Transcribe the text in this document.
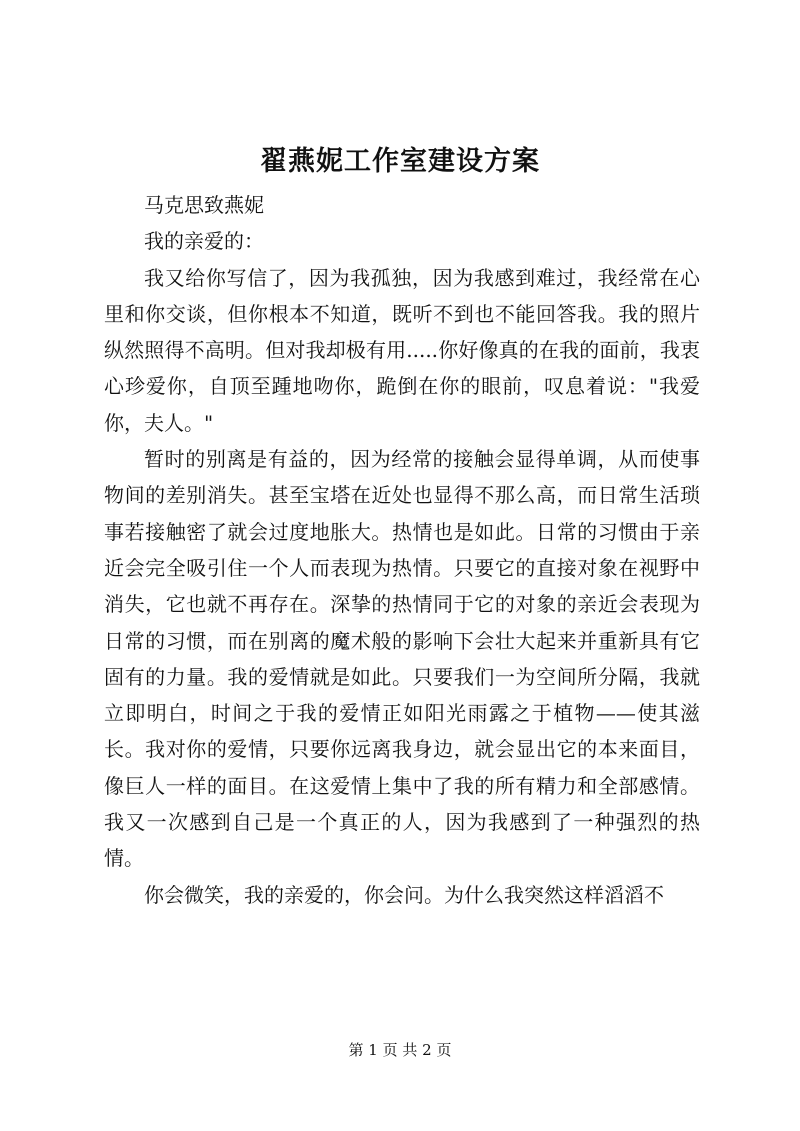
翟燕妮工作室建设方案

马克思致燕妮

我的亲爱的：

我又给你写信了，因为我孤独，因为我感到难过，我经常在心里和你交谈，但你根本不知道，既听不到也不能回答我。我的照片纵然照得不高明。但对我却极有用.....你好像真的在我的面前，我衷心珍爱你，自顶至踵地吻你，跪倒在你的眼前，叹息着说："我爱你，夫人。"

暂时的别离是有益的，因为经常的接触会显得单调，从而使事物间的差别消失。甚至宝塔在近处也显得不那么高，而日常生活琐事若接触密了就会过度地胀大。热情也是如此。日常的习惯由于亲近会完全吸引住一个人而表现为热情。只要它的直接对象在视野中消失，它也就不再存在。深挚的热情同于它的对象的亲近会表现为日常的习惯，而在别离的魔术般的影响下会壮大起来并重新具有它固有的力量。我的爱情就是如此。只要我们一为空间所分隔，我就立即明白，时间之于我的爱情正如阳光雨露之于植物——使其滋长。我对你的爱情，只要你远离我身边，就会显出它的本来面目，像巨人一样的面目。在这爱情上集中了我的所有精力和全部感情。我又一次感到自己是一个真正的人，因为我感到了一种强烈的热情。

你会微笑，我的亲爱的，你会问。为什么我突然这样滔滔不

第 1 页 共 2 页
